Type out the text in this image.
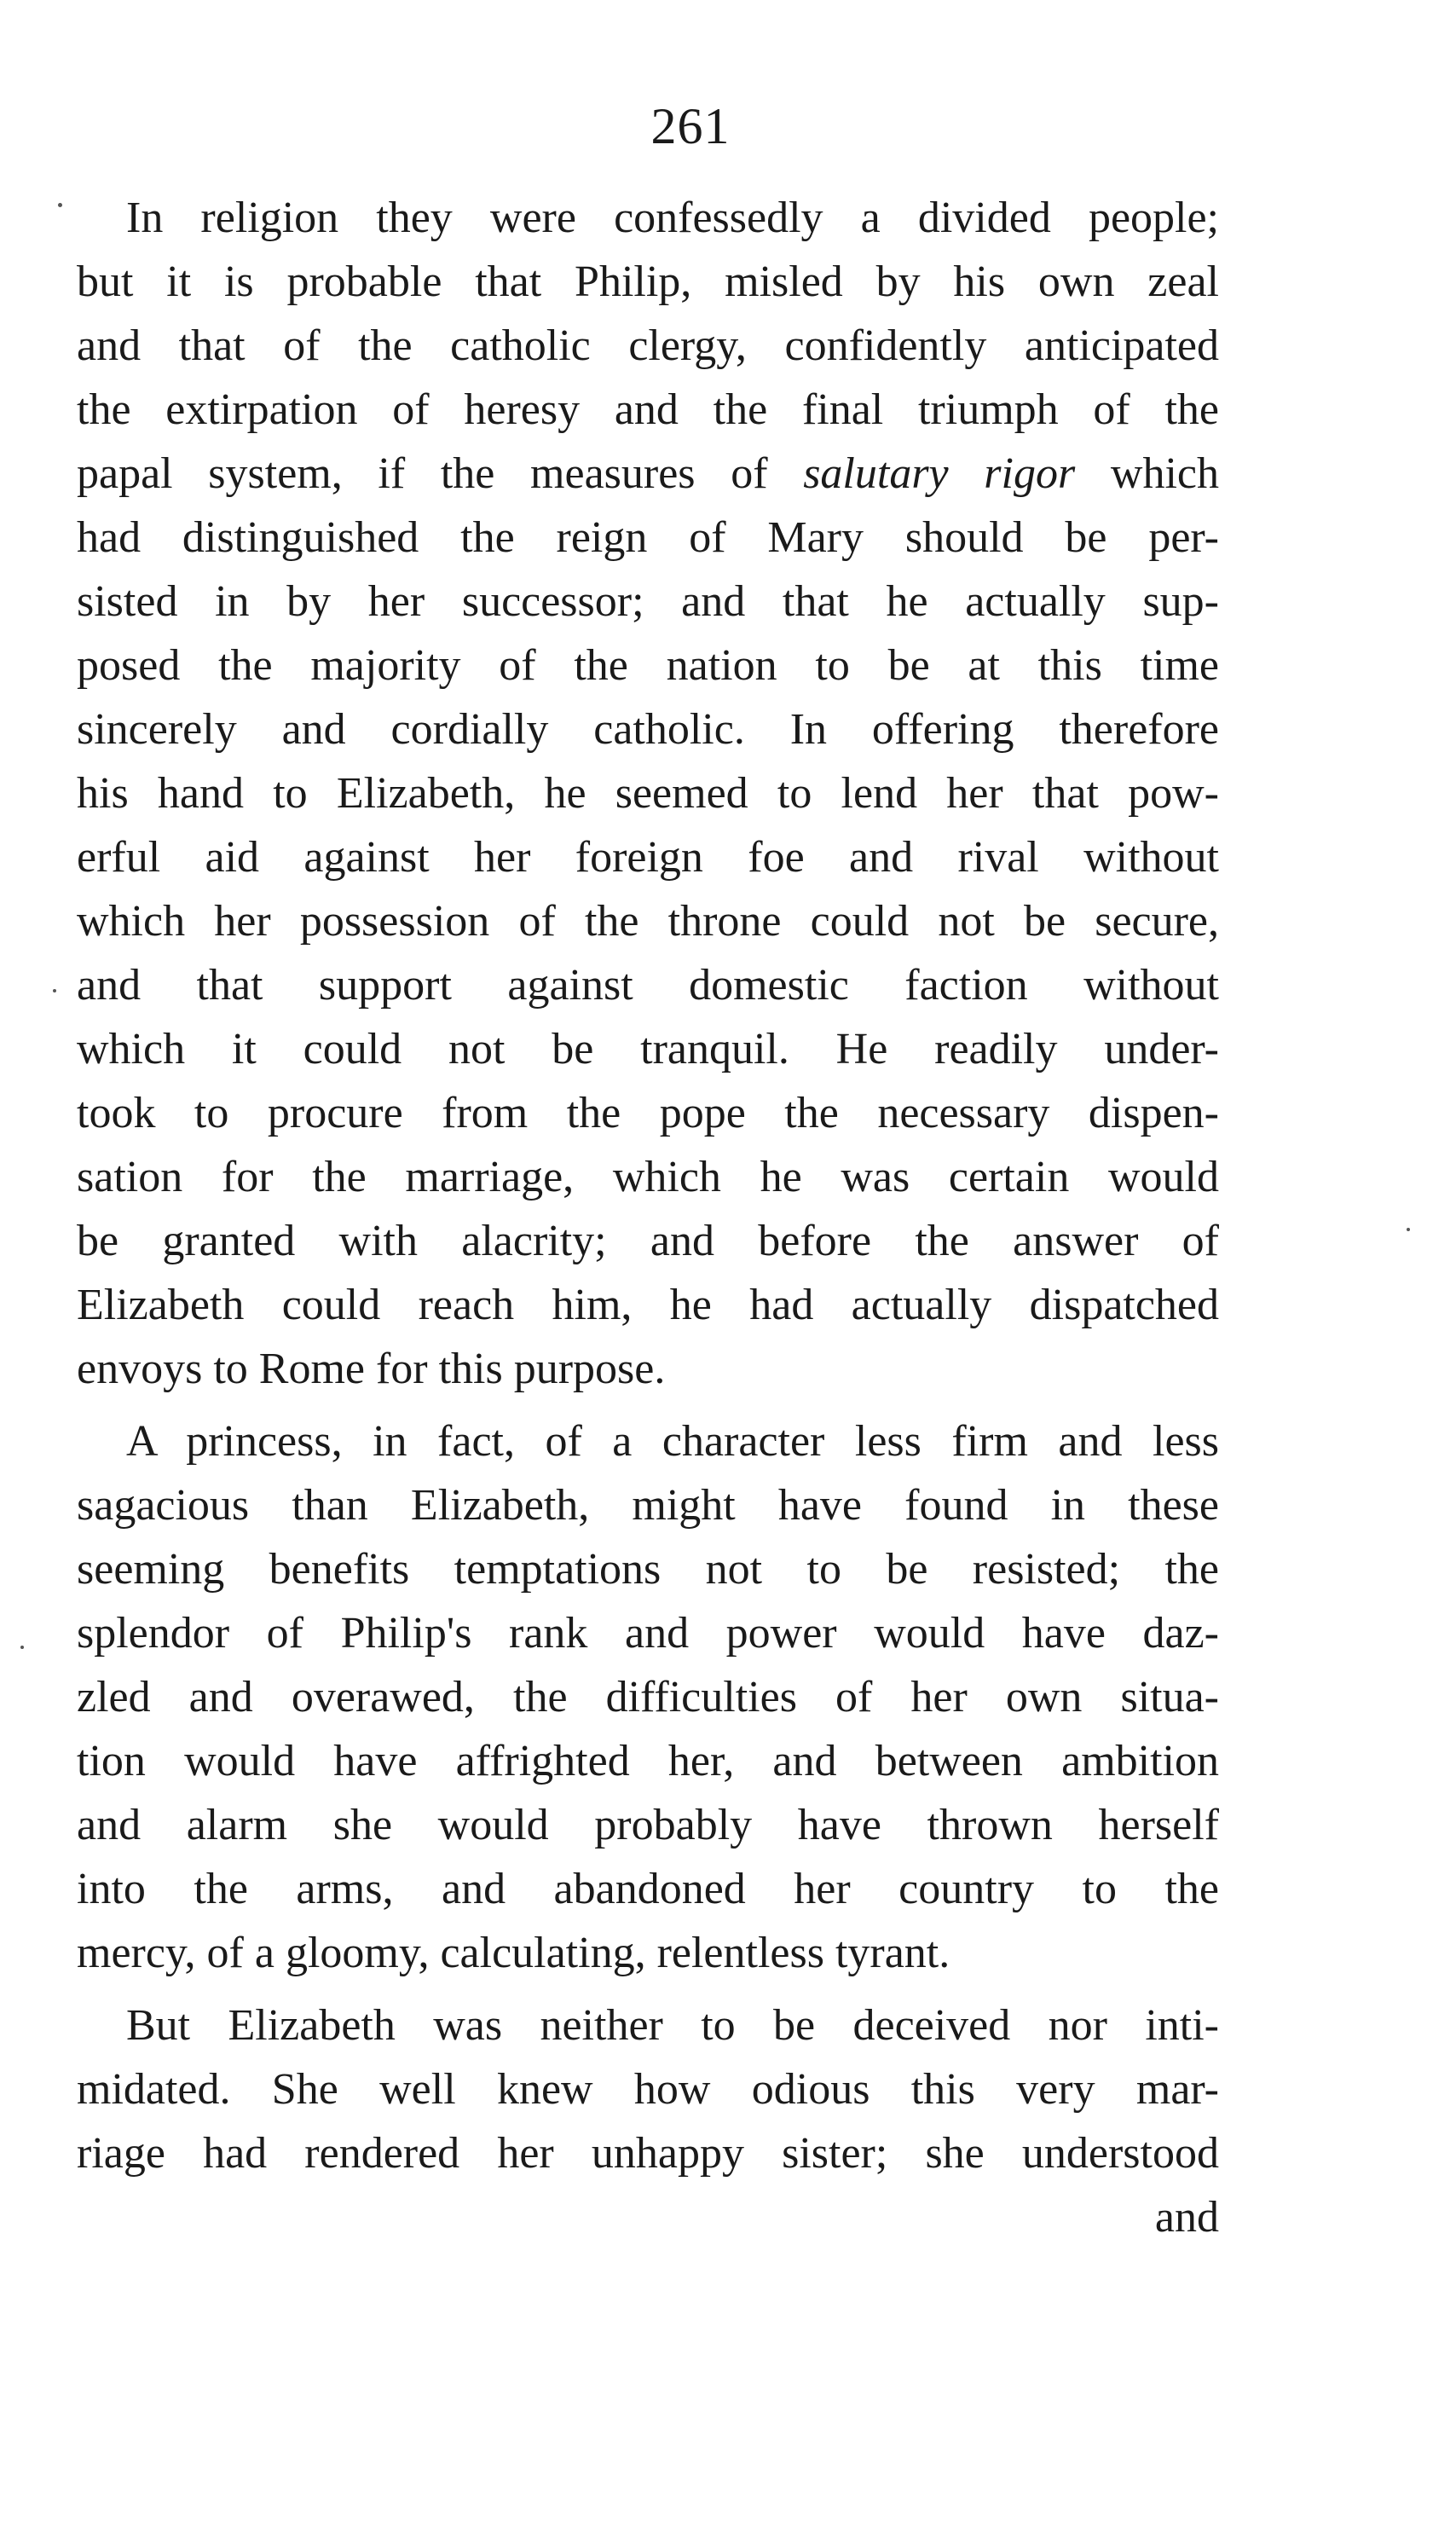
261
In religion they were confessedly a divided people;
but it is probable that Philip, misled by his own zeal
and that of the catholic clergy, confidently anticipated
the extirpation of heresy and the final triumph of the
papal system, if the measures of salutary rigor which
had distinguished the reign of Mary should be per-
sisted in by her successor; and that he actually sup-
posed the majority of the nation to be at this time
sincerely and cordially catholic. In offering therefore
his hand to Elizabeth, he seemed to lend her that pow-
erful aid against her foreign foe and rival without
which her possession of the throne could not be secure,
and that support against domestic faction without
which it could not be tranquil. He readily under-
took to procure from the pope the necessary dispen-
sation for the marriage, which he was certain would
be granted with alacrity; and before the answer of
Elizabeth could reach him, he had actually dispatched
envoys to Rome for this purpose.
A princess, in fact, of a character less firm and less
sagacious than Elizabeth, might have found in these
seeming benefits temptations not to be resisted; the
splendor of Philip's rank and power would have daz-
zled and overawed, the difficulties of her own situa-
tion would have affrighted her, and between ambition
and alarm she would probably have thrown herself
into the arms, and abandoned her country to the
mercy, of a gloomy, calculating, relentless tyrant.
But Elizabeth was neither to be deceived nor inti-
midated. She well knew how odious this very mar-
riage had rendered her unhappy sister; she understood
and
